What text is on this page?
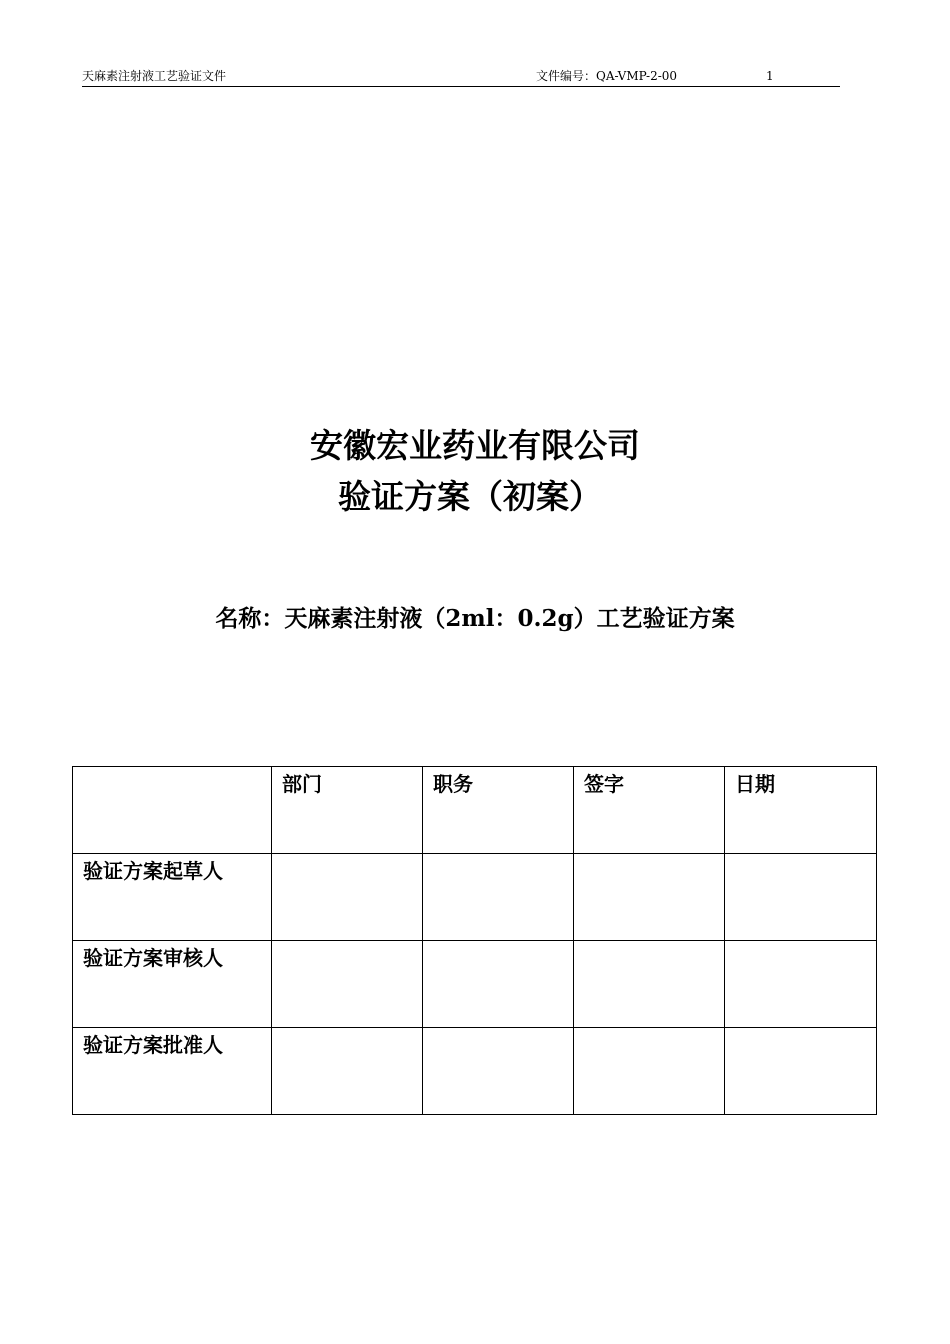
天麻素注射液工艺验证文件	文件编号：QA-VMP-2-00	1
安徽宏业药业有限公司
验证方案（初案）
名称：天麻素注射液（2ml：0.2g）工艺验证方案
	部门	职务	签字	日期
验证方案起草人				
验证方案审核人				
验证方案批准人				
